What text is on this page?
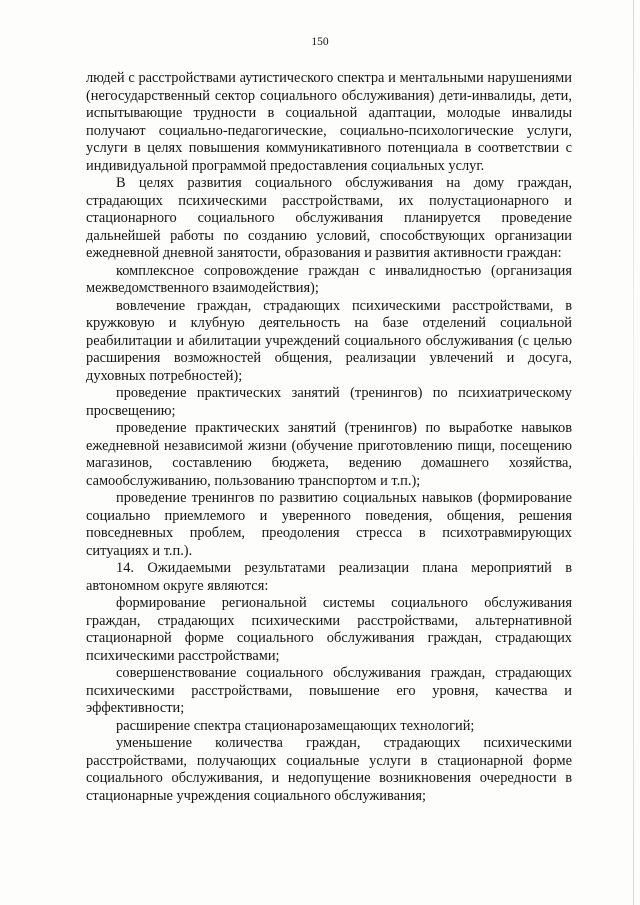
150

людей с расстройствами аутистического спектра и ментальными нарушениями (негосударственный сектор социального обслуживания) дети-инвалиды, дети, испытывающие трудности в социальной адаптации, молодые инвалиды получают социально-педагогические, социально-психологические услуги, услуги в целях повышения коммуникативного потенциала в соответствии с индивидуальной программой предоставления социальных услуг.

В целях развития социального обслуживания на дому граждан, страдающих психическими расстройствами, их полустационарного и стационарного социального обслуживания планируется проведение дальнейшей работы по созданию условий, способствующих организации ежедневной дневной занятости, образования и развития активности граждан:

комплексное сопровождение граждан с инвалидностью (организация межведомственного взаимодействия);

вовлечение граждан, страдающих психическими расстройствами, в кружковую и клубную деятельность на базе отделений социальной реабилитации и абилитации учреждений социального обслуживания (с целью расширения возможностей общения, реализации увлечений и досуга, духовных потребностей);

проведение практических занятий (тренингов) по психиатрическому просвещению;

проведение практических занятий (тренингов) по выработке навыков ежедневной независимой жизни (обучение приготовлению пищи, посещению магазинов, составлению бюджета, ведению домашнего хозяйства, самообслуживанию, пользованию транспортом и т.п.);

проведение тренингов по развитию социальных навыков (формирование социально приемлемого и уверенного поведения, общения, решения повседневных проблем, преодоления стресса в психотравмирующих ситуациях и т.п.).

14. Ожидаемыми результатами реализации плана мероприятий в автономном округе являются:

формирование региональной системы социального обслуживания граждан, страдающих психическими расстройствами, альтернативной стационарной форме социального обслуживания граждан, страдающих психическими расстройствами;

совершенствование социального обслуживания граждан, страдающих психическими расстройствами, повышение его уровня, качества и эффективности;

расширение спектра стационарозамещающих технологий;

уменьшение количества граждан, страдающих психическими расстройствами, получающих социальные услуги в стационарной форме социального обслуживания, и недопущение возникновения очередности в стационарные учреждения социального обслуживания;
